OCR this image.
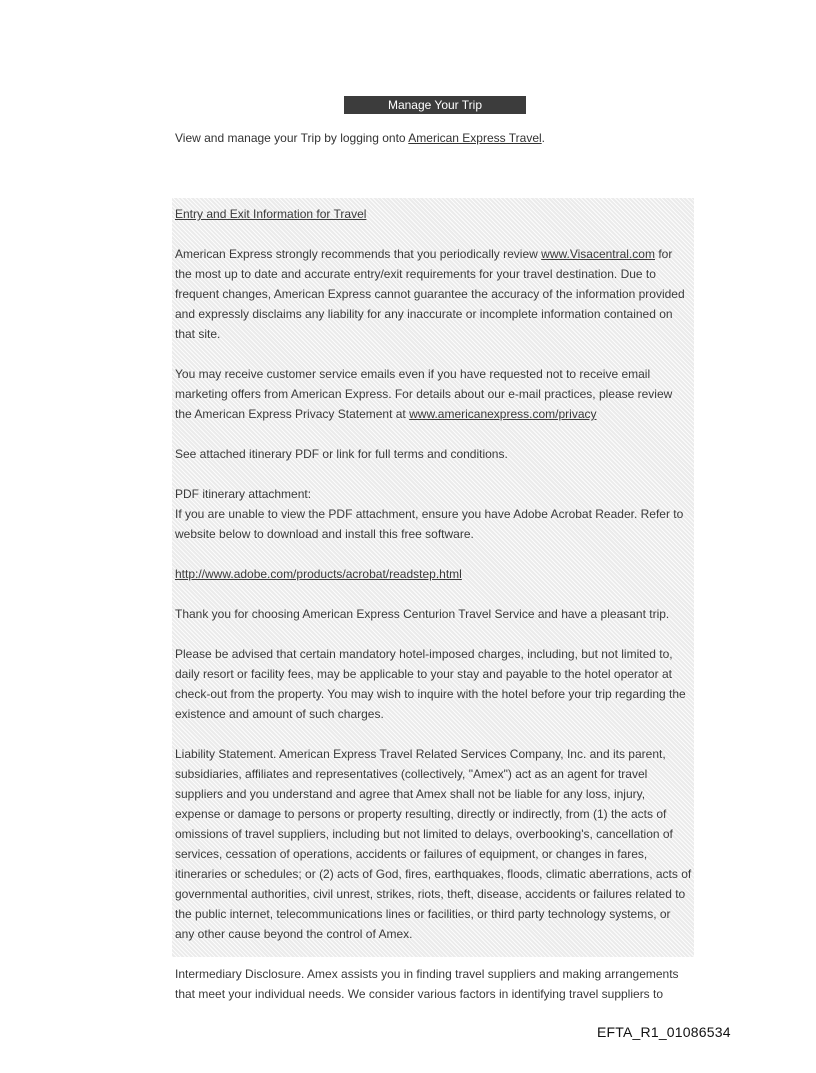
Manage Your Trip
View and manage your Trip by logging onto American Express Travel.

Entry and Exit Information for Travel

American Express strongly recommends that you periodically review www.Visacentral.com for the most up to date and accurate entry/exit requirements for your travel destination. Due to frequent changes, American Express cannot guarantee the accuracy of the information provided and expressly disclaims any liability for any inaccurate or incomplete information contained on that site.

You may receive customer service emails even if you have requested not to receive email marketing offers from American Express. For details about our e-mail practices, please review the American Express Privacy Statement at www.americanexpress.com/privacy

See attached itinerary PDF or link for full terms and conditions.

PDF itinerary attachment:
If you are unable to view the PDF attachment, ensure you have Adobe Acrobat Reader. Refer to website below to download and install this free software.

http://www.adobe.com/products/acrobat/readstep.html

Thank you for choosing American Express Centurion Travel Service and have a pleasant trip.

Please be advised that certain mandatory hotel-imposed charges, including, but not limited to, daily resort or facility fees, may be applicable to your stay and payable to the hotel operator at check-out from the property. You may wish to inquire with the hotel before your trip regarding the existence and amount of such charges.

Liability Statement. American Express Travel Related Services Company, Inc. and its parent, subsidiaries, affiliates and representatives (collectively, "Amex") act as an agent for travel suppliers and you understand and agree that Amex shall not be liable for any loss, injury, expense or damage to persons or property resulting, directly or indirectly, from (1) the acts of omissions of travel suppliers, including but not limited to delays, overbooking's, cancellation of services, cessation of operations, accidents or failures of equipment, or changes in fares, itineraries or schedules; or (2) acts of God, fires, earthquakes, floods, climatic aberrations, acts of governmental authorities, civil unrest, strikes, riots, theft, disease, accidents or failures related to the public internet, telecommunications lines or facilities, or third party technology systems, or any other cause beyond the control of Amex.

Intermediary Disclosure. Amex assists you in finding travel suppliers and making arrangements that meet your individual needs. We consider various factors in identifying travel suppliers to

EFTA_R1_01086534
